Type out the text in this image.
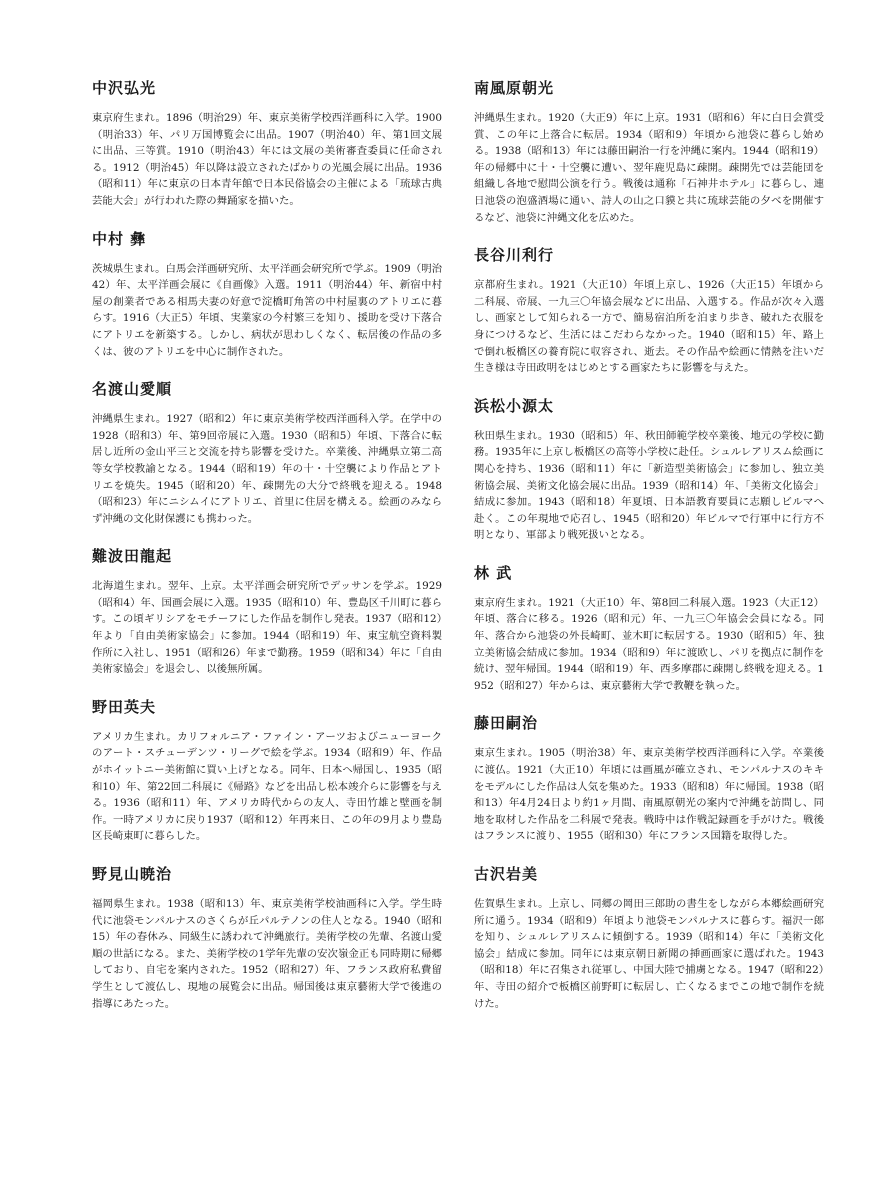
中沢弘光

東京府生まれ。1896（明治29）年、東京美術学校西洋画科に入学。1900（明治33）年、パリ万国博覧会に出品。1907（明治40）年、第1回文展に出品、三等賞。1910（明治43）年には文展の美術審査委員に任命される。1912（明治45）年以降は設立されたばかりの光風会展に出品。1936（昭和11）年に東京の日本青年館で日本民俗協会の主催による「琉球古典芸能大会」が行われた際の舞踊家を描いた。

中村 彝

茨城県生まれ。白馬会洋画研究所、太平洋画会研究所で学ぶ。1909（明治42）年、太平洋画会展に《自画像》入選。1911（明治44）年、新宿中村屋の創業者である相馬夫妻の好意で淀橋町角筈の中村屋裏のアトリエに暮らす。1916（大正5）年頃、実業家の今村繁三を知り、援助を受け下落合にアトリエを新築する。しかし、病状が思わしくなく、転居後の作品の多くは、彼のアトリエを中心に制作された。

名渡山愛順

沖縄県生まれ。1927（昭和2）年に東京美術学校西洋画科入学。在学中の1928（昭和3）年、第9回帝展に入選。1930（昭和5）年頃、下落合に転居し近所の金山平三と交流を持ち影響を受けた。卒業後、沖縄県立第二高等女学校教諭となる。1944（昭和19）年の十・十空襲により作品とアトリエを焼失。1945（昭和20）年、疎開先の大分で終戦を迎える。1948（昭和23）年にニシムイにアトリエ、首里に住居を構える。絵画のみならず沖縄の文化財保護にも携わった。

難波田龍起

北海道生まれ。翌年、上京。太平洋画会研究所でデッサンを学ぶ。1929（昭和4）年、国画会展に入選。1935（昭和10）年、豊島区千川町に暮らす。この頃ギリシアをモチーフにした作品を制作し発表。1937（昭和12）年より「自由美術家協会」に参加。1944（昭和19）年、東宝航空資料製作所に入社し、1951（昭和26）年まで勤務。1959（昭和34）年に「自由美術家協会」を退会し、以後無所属。

野田英夫

アメリカ生まれ。カリフォルニア・ファイン・アーツおよびニューヨークのアート・スチューデンツ・リーグで絵を学ぶ。1934（昭和9）年、作品がホイットニー美術館に買い上げとなる。同年、日本へ帰国し、1935（昭和10）年、第22回二科展に《帰路》などを出品し松本竣介らに影響を与える。1936（昭和11）年、アメリカ時代からの友人、寺田竹雄と壁画を制作。一時アメリカに戻り1937（昭和12）年再来日、この年の9月より豊島区長崎東町に暮らした。

野見山暁治

福岡県生まれ。1938（昭和13）年、東京美術学校油画科に入学。学生時代に池袋モンパルナスのさくらが丘パルテノンの住人となる。1940（昭和15）年の春休み、同級生に誘われて沖縄旅行。美術学校の先輩、名渡山愛順の世話になる。また、美術学校の1学年先輩の安次嶺金正も同時期に帰郷しており、自宅を案内された。1952（昭和27）年、フランス政府私費留学生として渡仏し、現地の展覧会に出品。帰国後は東京藝術大学で後進の指導にあたった。

南風原朝光

沖縄県生まれ。1920（大正9）年に上京。1931（昭和6）年に白日会賞受賞、この年に上落合に転居。1934（昭和9）年頃から池袋に暮らし始める。1938（昭和13）年には藤田嗣治一行を沖縄に案内。1944（昭和19）年の帰郷中に十・十空襲に遭い、翌年鹿児島に疎開。疎開先では芸能団を組織し各地で慰問公演を行う。戦後は通称「石神井ホテル」に暮らし、連日池袋の泡盛酒場に通い、詩人の山之口貘と共に琉球芸能の夕べを開催するなど、池袋に沖縄文化を広めた。

長谷川利行

京都府生まれ。1921（大正10）年頃上京し、1926（大正15）年頃から二科展、帝展、一九三〇年協会展などに出品、入選する。作品が次々入選し、画家として知られる一方で、簡易宿泊所を泊まり歩き、破れた衣服を身につけるなど、生活にはこだわらなかった。1940（昭和15）年、路上で倒れ板橋区の養育院に収容され、逝去。その作品や絵画に情熱を注いだ生き様は寺田政明をはじめとする画家たちに影響を与えた。

浜松小源太

秋田県生まれ。1930（昭和5）年、秋田師範学校卒業後、地元の学校に勤務。1935年に上京し板橋区の高等小学校に赴任。シュルレアリスム絵画に関心を持ち、1936（昭和11）年に「新造型美術協会」に参加し、独立美術協会展、美術文化協会展に出品。1939（昭和14）年、「美術文化協会」結成に参加。1943（昭和18）年夏頃、日本語教育要員に志願しビルマへ赴く。この年現地で応召し、1945（昭和20）年ビルマで行軍中に行方不明となり、軍部より戦死扱いとなる。

林 武

東京府生まれ。1921（大正10）年、第8回二科展入選。1923（大正12）年頃、落合に移る。1926（昭和元）年、一九三〇年協会会員になる。同年、落合から池袋の外長崎町、並木町に転居する。1930（昭和5）年、独立美術協会結成に参加。1934（昭和9）年に渡欧し、パリを拠点に制作を続け、翌年帰国。1944（昭和19）年、西多摩郡に疎開し終戦を迎える。1952（昭和27）年からは、東京藝術大学で教鞭を執った。

藤田嗣治

東京生まれ。1905（明治38）年、東京美術学校西洋画科に入学。卒業後に渡仏。1921（大正10）年頃には画風が確立され、モンパルナスのキキをモデルにした作品は人気を集めた。1933（昭和8）年に帰国。1938（昭和13）年4月24日より約1ヶ月間、南風原朝光の案内で沖縄を訪問し、同地を取材した作品を二科展で発表。戦時中は作戦記録画を手がけた。戦後はフランスに渡り、1955（昭和30）年にフランス国籍を取得した。

古沢岩美

佐賀県生まれ。上京し、同郷の岡田三郎助の書生をしながら本郷絵画研究所に通う。1934（昭和9）年頃より池袋モンパルナスに暮らす。福沢一郎を知り、シュルレアリスムに傾倒する。1939（昭和14）年に「美術文化協会」結成に参加。同年には東京朝日新聞の挿画画家に選ばれた。1943（昭和18）年に召集され従軍し、中国大陸で捕虜となる。1947（昭和22）年、寺田の紹介で板橋区前野町に転居し、亡くなるまでこの地で制作を続けた。
